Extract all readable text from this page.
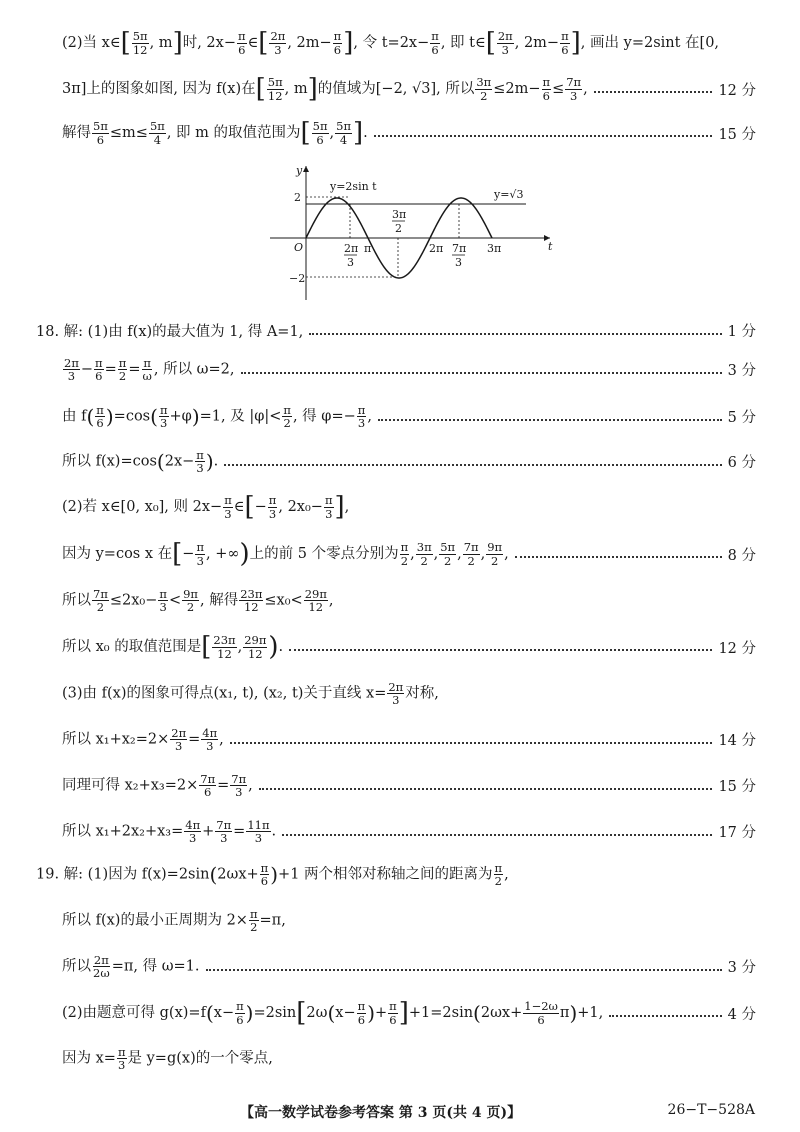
(2)当 x∈[ $\frac{5\pi}{12}$ , m]时, $2x- \frac{\pi}{6}$ ∈[ $\frac{2\pi}{3}$ , $2m- \frac{\pi}{6}$ ], 令 $t=2x- \frac{\pi}{6}$ , 即 t∈[ $\frac{2\pi}{3}$ , $2m- \frac{\pi}{6}$ ], 画出 y=2sint 在[0,
3π]上的图象如图, 因为 f(x)在[ $\frac{5\pi}{12}$ , m]的值域为[−2, √3], 所以 $\frac{3\pi}{2} \le 2m- \frac{\pi}{6} \le \frac{7\pi}{3}$ ,	12 分
解得 $\frac{5\pi}{6} \le m\le \frac{5\pi}{4}$ , 即 m 的取值范围为[ $\frac{5\pi}{6}$ , $\frac{5\pi}{4}$ ].	15 分
y
t
O
2
−2
y=2sin t
y=√3
2π
3
π
3π
2
2π 7π
3
3π
18. 解: (1)由 f(x)的最大值为 1, 得 A=1,	1 分
$\frac{2\pi}{3} - \frac{\pi}{6} = \frac{\pi}{2} = \frac{\pi}{\omega}$ , 所以 ω=2,	3 分
由 $f( \frac{\pi}{6} )=\cos( \frac{\pi}{3} +\varphi)=1$, 及 $|\varphi|< \frac{\pi}{2}$ , 得 $\varphi=- \frac{\pi}{3}$ ,	5 分
所以 $f(x)=\cos(2x- \frac{\pi}{3}$ ).	6 分
(2)若 x∈[0, x₀], 则 $2x- \frac{\pi}{3}$ ∈[− $\frac{\pi}{3}$ , $2x_0- \frac{\pi}{3}$ ],
因为 y=cos x 在[− $\frac{\pi}{3}$ , +∞)上的前 5 个零点分别为 $\frac{\pi}{2}$ , $\frac{3\pi}{2}$ , $\frac{5\pi}{2}$ , $\frac{7\pi}{2}$ , $\frac{9\pi}{2}$ ,	8 分
所以 $\frac{7\pi}{2} \le 2x_0- \frac{\pi}{3} < \frac{9\pi}{2}$ , 解得 $\frac{23\pi}{12} \le x_0< \frac{29\pi}{12}$ ,
所以 x₀ 的取值范围是[ $\frac{23\pi}{12}$ , $\frac{29\pi}{12}$ ).	12 分
(3)由 f(x)的图象可得点(x₁, t), (x₂, t)关于直线 $x= \frac{2\pi}{3}$ 对称,
所以 $x_1+x_2=2\times \frac{2\pi}{3} = \frac{4\pi}{3}$ ,	14 分
同理可得 $x_2+x_3=2\times \frac{7\pi}{6} = \frac{7\pi}{3}$ ,	15 分
所以 $x_1+2x_2+x_3= \frac{4\pi}{3} + \frac{7\pi}{3} = \frac{11\pi}{3}$ .	17 分
19. 解: (1)因为 $f(x)=2\sin(2\omega x+ \frac{\pi}{6} )+1$ 两个相邻对称轴之间的距离为 $\frac{\pi}{2}$ ,
所以 f(x)的最小正周期为 $2\times \frac{\pi}{2} =\pi$,
所以 $\frac{2\pi}{2\omega} =\pi$, 得 ω=1.	3 分
(2)由题意可得 $g(x)=f(x- \frac{\pi}{6} )=2\sin[2\omega(x- \frac{\pi}{6}$ )+ $\frac{\pi}{6} ]+1=2\sin(2\omega x+ \frac{1-2\omega}{6} \pi)+1$,	4 分
因为 $x= \frac{\pi}{3}$ 是 y=g(x)的一个零点,
【高一数学试卷参考答案 第 3 页(共 4 页)】	26−T−528A
